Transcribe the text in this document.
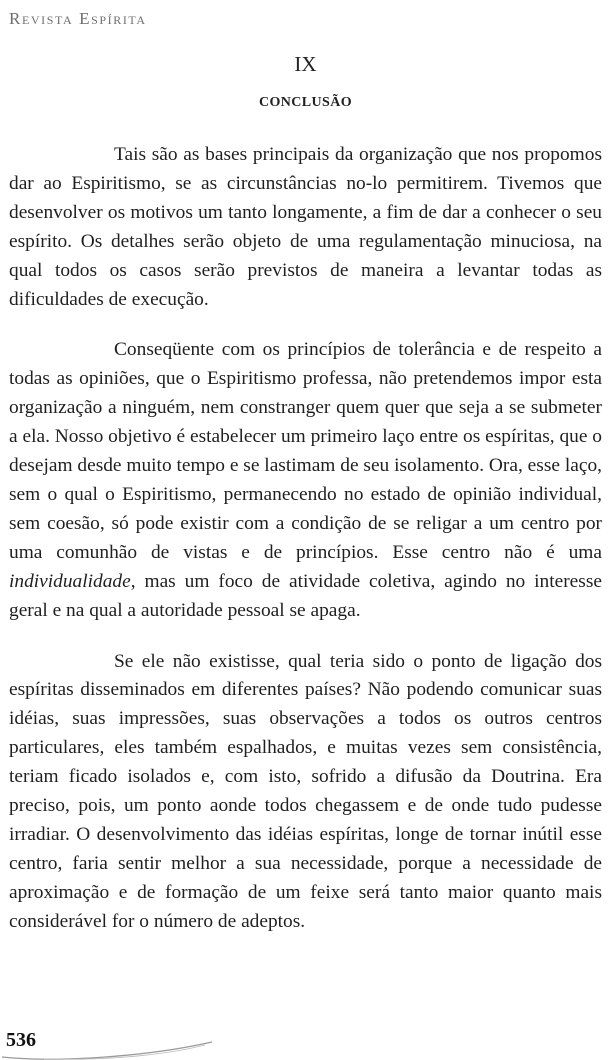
Revista Espírita
IX
CONCLUSÃO

Tais são as bases principais da organização que nos propomos dar ao Espiritismo, se as circunstâncias no-lo permitirem. Tivemos que desenvolver os motivos um tanto longamente, a fim de dar a conhecer o seu espírito. Os detalhes serão objeto de uma regulamentação minuciosa, na qual todos os casos serão previstos de maneira a levantar todas as dificuldades de execução.

Conseqüente com os princípios de tolerância e de respeito a todas as opiniões, que o Espiritismo professa, não pretendemos impor esta organização a ninguém, nem constranger quem quer que seja a se submeter a ela. Nosso objetivo é estabelecer um primeiro laço entre os espíritas, que o desejam desde muito tempo e se lastimam de seu isolamento. Ora, esse laço, sem o qual o Espiritismo, permanecendo no estado de opinião individual, sem coesão, só pode existir com a condição de se religar a um centro por uma comunhão de vistas e de princípios. Esse centro não é uma individualidade, mas um foco de atividade coletiva, agindo no interesse geral e na qual a autoridade pessoal se apaga.

Se ele não existisse, qual teria sido o ponto de ligação dos espíritas disseminados em diferentes países? Não podendo comunicar suas idéias, suas impressões, suas observações a todos os outros centros particulares, eles também espalhados, e muitas vezes sem consistência, teriam ficado isolados e, com isto, sofrido a difusão da Doutrina. Era preciso, pois, um ponto aonde todos chegassem e de onde tudo pudesse irradiar. O desenvolvimento das idéias espíritas, longe de tornar inútil esse centro, faria sentir melhor a sua necessidade, porque a necessidade de aproximação e de formação de um feixe será tanto maior quanto mais considerável for o número de adeptos.

536
